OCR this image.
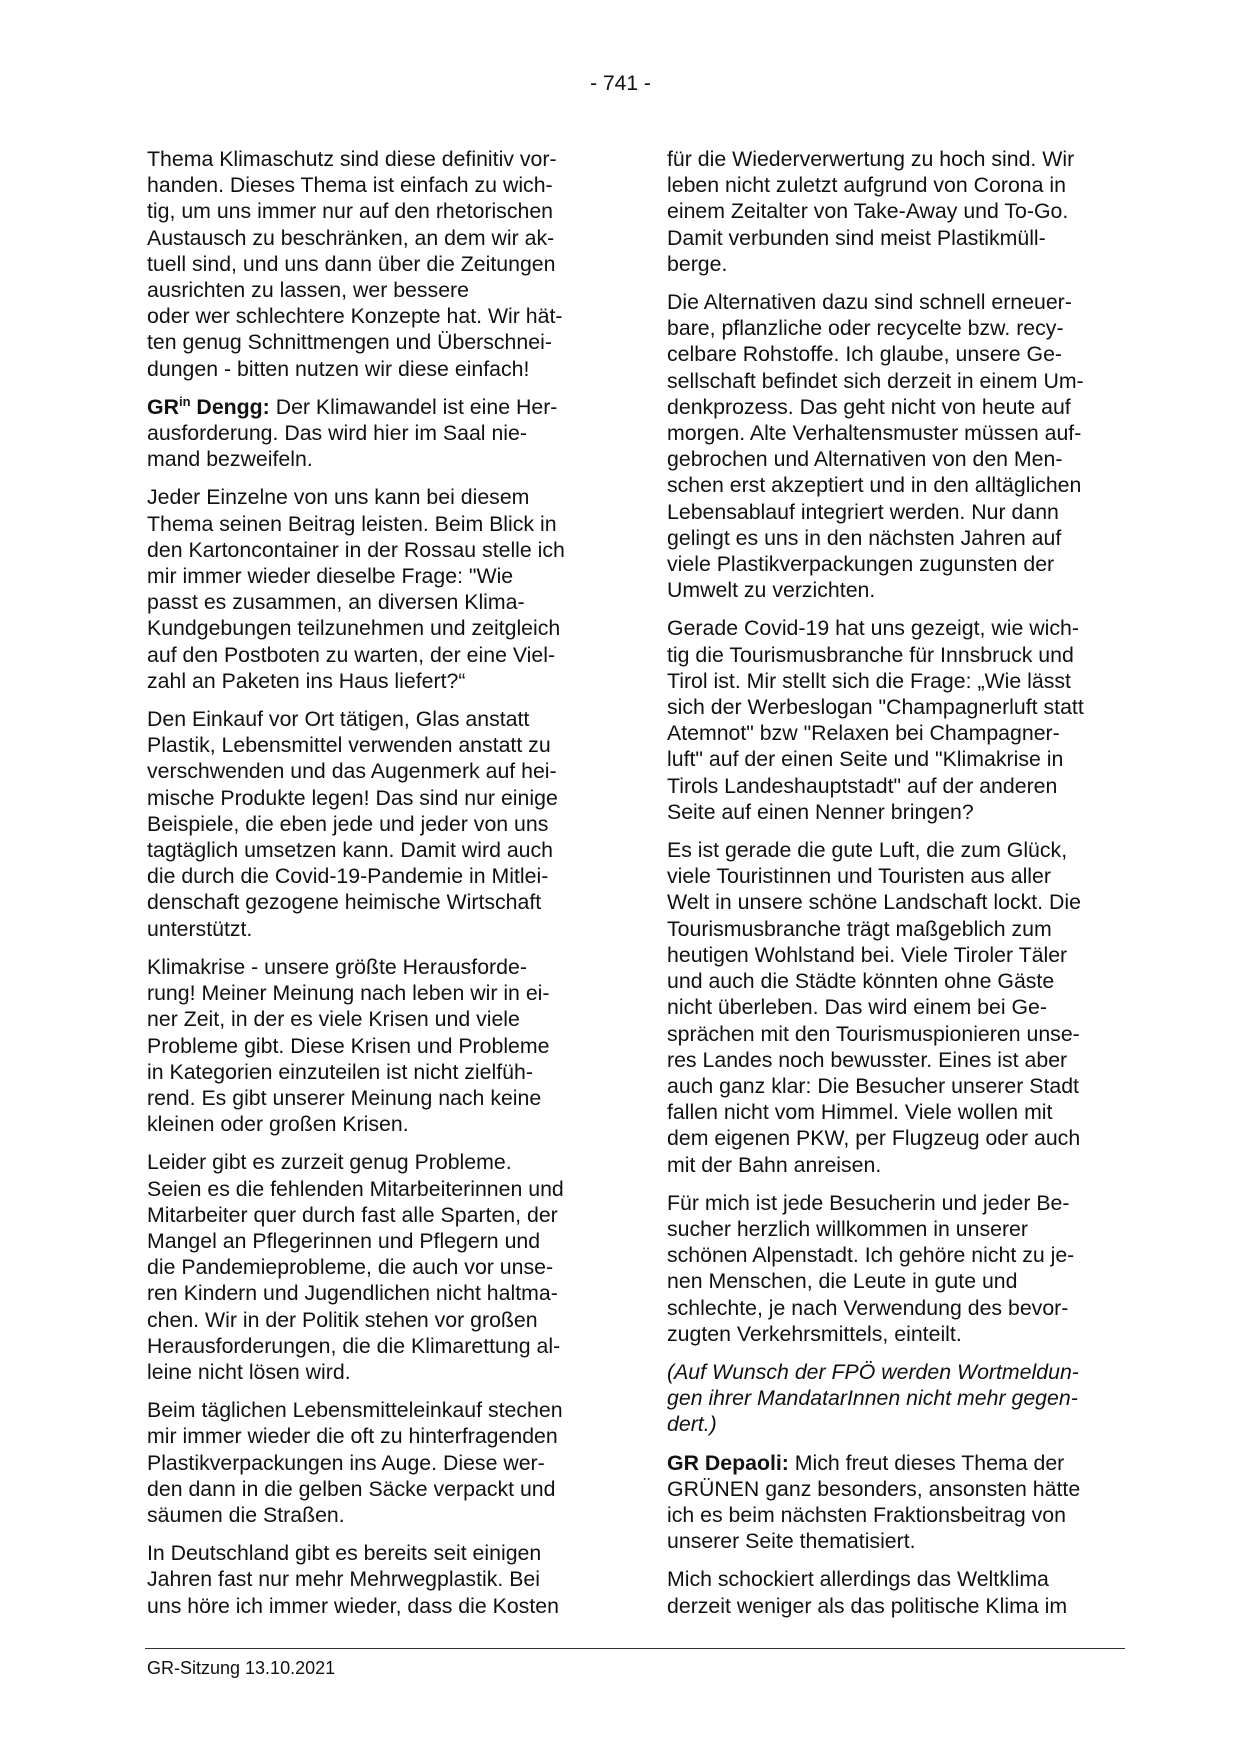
- 741 -

Thema Klimaschutz sind diese definitiv vor-
handen. Dieses Thema ist einfach zu wich-
tig, um uns immer nur auf den rhetorischen
Austausch zu beschränken, an dem wir ak-
tuell sind, und uns dann über die Zeitungen
ausrichten zu lassen, wer bessere
oder wer schlechtere Konzepte hat. Wir hät-
ten genug Schnittmengen und Überschnei-
dungen - bitten nutzen wir diese einfach!

$GR^{in}$ Dengg: Der Klimawandel ist eine Her-
ausforderung. Das wird hier im Saal nie-
mand bezweifeln.

Jeder Einzelne von uns kann bei diesem
Thema seinen Beitrag leisten. Beim Blick in
den Kartoncontainer in der Rossau stelle ich
mir immer wieder dieselbe Frage: "Wie
passt es zusammen, an diversen Klima-
Kundgebungen teilzunehmen und zeitgleich
auf den Postboten zu warten, der eine Viel-
zahl an Paketen ins Haus liefert?“

Den Einkauf vor Ort tätigen, Glas anstatt
Plastik, Lebensmittel verwenden anstatt zu
verschwenden und das Augenmerk auf hei-
mische Produkte legen! Das sind nur einige
Beispiele, die eben jede und jeder von uns
tagtäglich umsetzen kann. Damit wird auch
die durch die Covid-19-Pandemie in Mitlei-
denschaft gezogene heimische Wirtschaft
unterstützt.

Klimakrise - unsere größte Herausforde-
rung! Meiner Meinung nach leben wir in ei-
ner Zeit, in der es viele Krisen und viele
Probleme gibt. Diese Krisen und Probleme
in Kategorien einzuteilen ist nicht zielfüh-
rend. Es gibt unserer Meinung nach keine
kleinen oder großen Krisen.

Leider gibt es zurzeit genug Probleme.
Seien es die fehlenden Mitarbeiterinnen und
Mitarbeiter quer durch fast alle Sparten, der
Mangel an Pflegerinnen und Pflegern und
die Pandemieprobleme, die auch vor unse-
ren Kindern und Jugendlichen nicht haltma-
chen. Wir in der Politik stehen vor großen
Herausforderungen, die die Klimarettung al-
leine nicht lösen wird.

Beim täglichen Lebensmitteleinkauf stechen
mir immer wieder die oft zu hinterfragenden
Plastikverpackungen ins Auge. Diese wer-
den dann in die gelben Säcke verpackt und
säumen die Straßen.

In Deutschland gibt es bereits seit einigen
Jahren fast nur mehr Mehrwegplastik. Bei
uns höre ich immer wieder, dass die Kosten

für die Wiederverwertung zu hoch sind. Wir
leben nicht zuletzt aufgrund von Corona in
einem Zeitalter von Take-Away und To-Go.
Damit verbunden sind meist Plastikmüll-
berge.

Die Alternativen dazu sind schnell erneuer-
bare, pflanzliche oder recycelte bzw. recy-
celbare Rohstoffe. Ich glaube, unsere Ge-
sellschaft befindet sich derzeit in einem Um-
denkprozess. Das geht nicht von heute auf
morgen. Alte Verhaltensmuster müssen auf-
gebrochen und Alternativen von den Men-
schen erst akzeptiert und in den alltäglichen
Lebensablauf integriert werden. Nur dann
gelingt es uns in den nächsten Jahren auf
viele Plastikverpackungen zugunsten der
Umwelt zu verzichten.

Gerade Covid-19 hat uns gezeigt, wie wich-
tig die Tourismusbranche für Innsbruck und
Tirol ist. Mir stellt sich die Frage: „Wie lässt
sich der Werbeslogan "Champagnerluft statt
Atemnot" bzw "Relaxen bei Champagner-
luft" auf der einen Seite und "Klimakrise in
Tirols Landeshauptstadt" auf der anderen
Seite auf einen Nenner bringen?

Es ist gerade die gute Luft, die zum Glück,
viele Touristinnen und Touristen aus aller
Welt in unsere schöne Landschaft lockt. Die
Tourismusbranche trägt maßgeblich zum
heutigen Wohlstand bei. Viele Tiroler Täler
und auch die Städte könnten ohne Gäste
nicht überleben. Das wird einem bei Ge-
sprächen mit den Tourismuspionieren unse-
res Landes noch bewusster. Eines ist aber
auch ganz klar: Die Besucher unserer Stadt
fallen nicht vom Himmel. Viele wollen mit
dem eigenen PKW, per Flugzeug oder auch
mit der Bahn anreisen.

Für mich ist jede Besucherin und jeder Be-
sucher herzlich willkommen in unserer
schönen Alpenstadt. Ich gehöre nicht zu je-
nen Menschen, die Leute in gute und
schlechte, je nach Verwendung des bevor-
zugten Verkehrsmittels, einteilt.

(Auf Wunsch der FPÖ werden Wortmeldun-
gen ihrer MandatarInnen nicht mehr gegen-
dert.)

GR Depaoli: Mich freut dieses Thema der
GRÜNEN ganz besonders, ansonsten hätte
ich es beim nächsten Fraktionsbeitrag von
unserer Seite thematisiert.

Mich schockiert allerdings das Weltklima
derzeit weniger als das politische Klima im

GR-Sitzung 13.10.2021
